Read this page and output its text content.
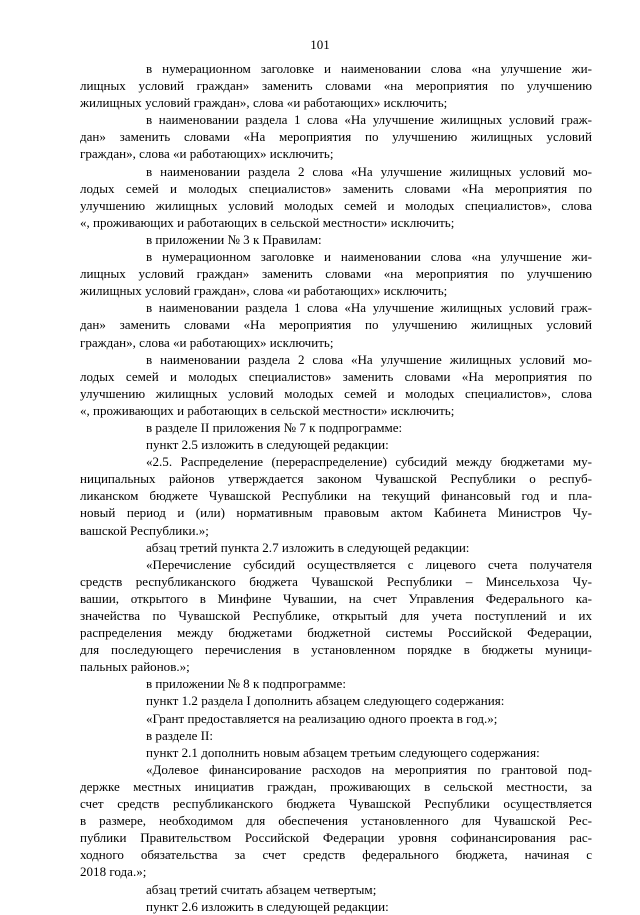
101

в нумерационном заголовке и наименовании слова «на улучшение жи-

лищных условий граждан» заменить словами «на мероприятия по улучшению

жилищных условий граждан», слова «и работающих» исключить;

в наименовании раздела 1 слова «На улучшение жилищных условий граж-

дан» заменить словами «На мероприятия по улучшению жилищных условий

граждан», слова «и работающих» исключить;

в наименовании раздела 2 слова «На улучшение жилищных условий мо-

лодых семей и молодых специалистов» заменить словами «На мероприятия по

улучшению жилищных условий молодых семей и молодых специалистов», слова

«, проживающих и работающих в сельской местности» исключить;

в приложении № 3 к Правилам:

в нумерационном заголовке и наименовании слова «на улучшение жи-

лищных условий граждан» заменить словами «на мероприятия по улучшению

жилищных условий граждан», слова «и работающих» исключить;

в наименовании раздела 1 слова «На улучшение жилищных условий граж-

дан» заменить словами «На мероприятия по улучшению жилищных условий

граждан», слова «и работающих» исключить;

в наименовании раздела 2 слова «На улучшение жилищных условий мо-

лодых семей и молодых специалистов» заменить словами «На мероприятия по

улучшению жилищных условий молодых семей и молодых специалистов», слова

«, проживающих и работающих в сельской местности» исключить;

в разделе II приложения № 7 к подпрограмме:

пункт 2.5 изложить в следующей редакции:

«2.5. Распределение (перераспределение) субсидий между бюджетами му-

ниципальных районов утверждается законом Чувашской Республики о респуб-

ликанском бюджете Чувашской Республики на текущий финансовый год и пла-

новый период и (или) нормативным правовым актом Кабинета Министров Чу-

вашской Республики.»;

абзац третий пункта 2.7 изложить в следующей редакции:

«Перечисление субсидий осуществляется с лицевого счета получателя

средств республиканского бюджета Чувашской Республики – Минсельхоза Чу-

вашии, открытого в Минфине Чувашии, на счет Управления Федерального ка-

значейства по Чувашской Республике, открытый для учета поступлений и их

распределения между бюджетами бюджетной системы Российской Федерации,

для последующего перечисления в установленном порядке в бюджеты муници-

пальных районов.»;

в приложении № 8 к подпрограмме:

пункт 1.2 раздела I дополнить абзацем следующего содержания:

«Грант предоставляется на реализацию одного проекта в год.»;

в разделе II:

пункт 2.1 дополнить новым абзацем третьим следующего содержания:

«Долевое финансирование расходов на мероприятия по грантовой под-

держке местных инициатив граждан, проживающих в сельской местности, за

счет средств республиканского бюджета Чувашской Республики осуществляется

в размере, необходимом для обеспечения установленного для Чувашской Рес-

публики Правительством Российской Федерации уровня софинансирования рас-

ходного обязательства за счет средств федерального бюджета, начиная с

2018 года.»;

абзац третий считать абзацем четвертым;

пункт 2.6 изложить в следующей редакции:
